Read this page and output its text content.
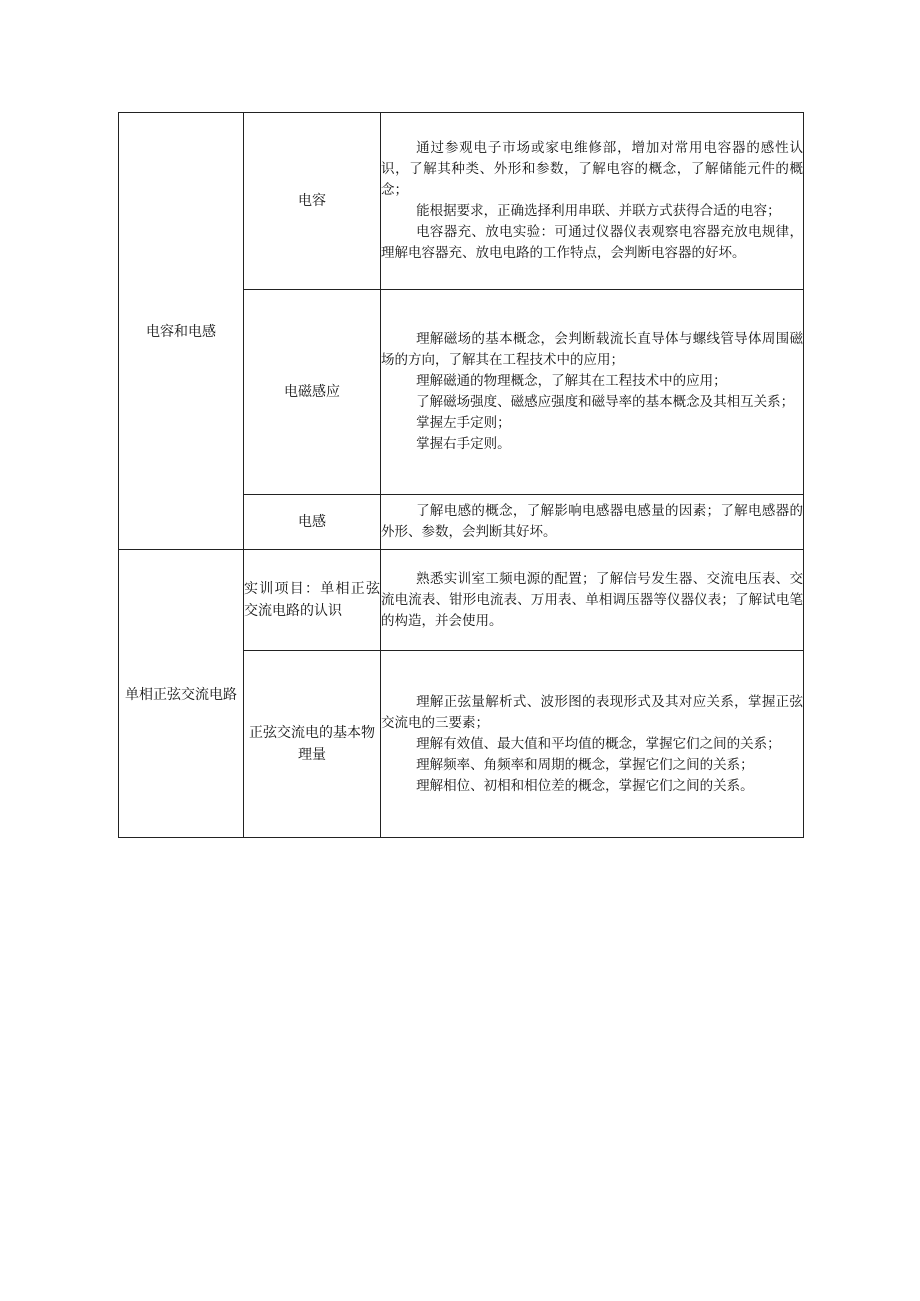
电容和电感	电容	通过参观电子市场或家电维修部，增加对常用电容器的感性认识，了解其种类、外形和参数，了解电容的概念，了解储能元件的概念；

能根据要求，正确选择利用串联、并联方式获得合适的电容；

电容器充、放电实验：可通过仪器仪表观察电容器充放电规律，理解电容器充、放电电路的工作特点，会判断电容器的好坏。

	电磁感应	理解磁场的基本概念，会判断载流长直导体与螺线管导体周围磁场的方向，了解其在工程技术中的应用；

理解磁通的物理概念，了解其在工程技术中的应用；

了解磁场强度、磁感应强度和磁导率的基本概念及其相互关系；

掌握左手定则；

掌握右手定则。

	电感	了解电感的概念，了解影响电感器电感量的因素；了解电感器的外形、参数，会判断其好坏。

单相正弦交流电路	实训项目：单相正弦交流电路的认识	熟悉实训室工频电源的配置；了解信号发生器、交流电压表、交流电流表、钳形电流表、万用表、单相调压器等仪器仪表；了解试电笔的构造，并会使用。

	正弦交流电的基本物理量	理解正弦量解析式、波形图的表现形式及其对应关系，掌握正弦交流电的三要素；

理解有效值、最大值和平均值的概念，掌握它们之间的关系；

理解频率、角频率和周期的概念，掌握它们之间的关系；

理解相位、初相和相位差的概念，掌握它们之间的关系。
